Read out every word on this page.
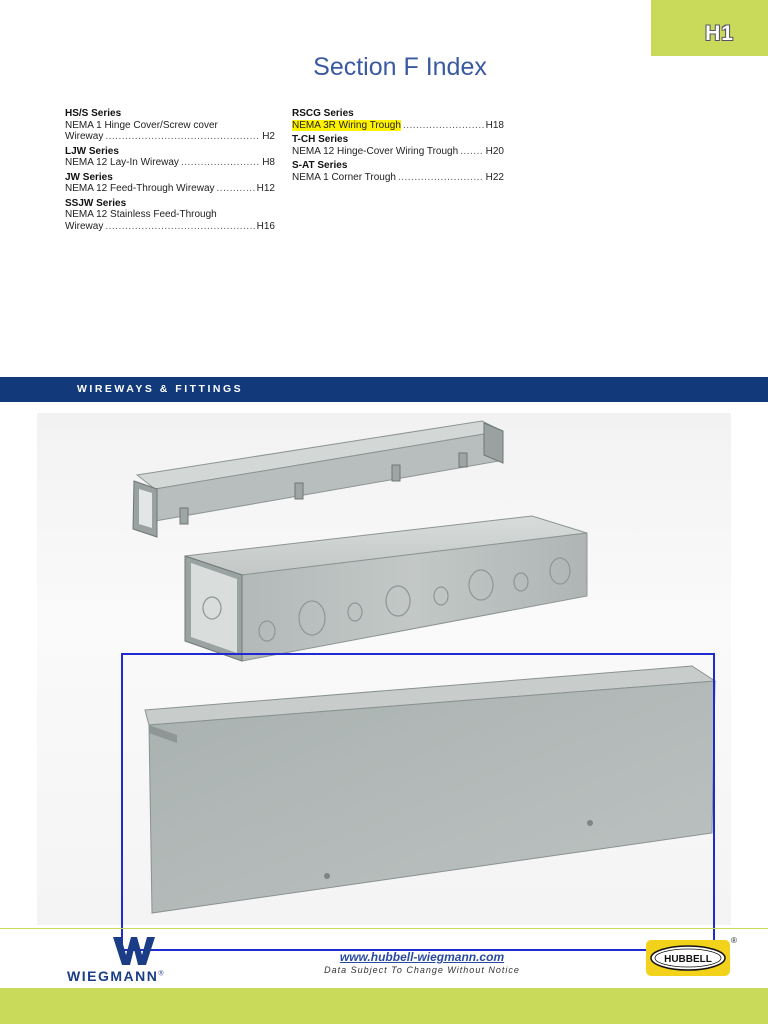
H1
Section F Index
HS/S Series
NEMA 1 Hinge Cover/Screw cover
Wireway .....	H2
LJW Series
NEMA 12 Lay-In Wireway .....	H8
JW Series
NEMA 12 Feed-Through Wireway .....	H12
SSJW Series
NEMA 12 Stainless Feed-Through
Wireway .....	H16
RSCG Series
NEMA 3R Wiring Trough .....	H18
T-CH Series
NEMA 12 Hinge-Cover Wiring Trough .....	H20
S-AT Series
NEMA 1 Corner Trough .....	H22
WIREWAYS & FITTINGS
WIEGMANN®
www.hubbell-wiegmann.com
Data Subject To Change Without Notice
HUBBELL
®
